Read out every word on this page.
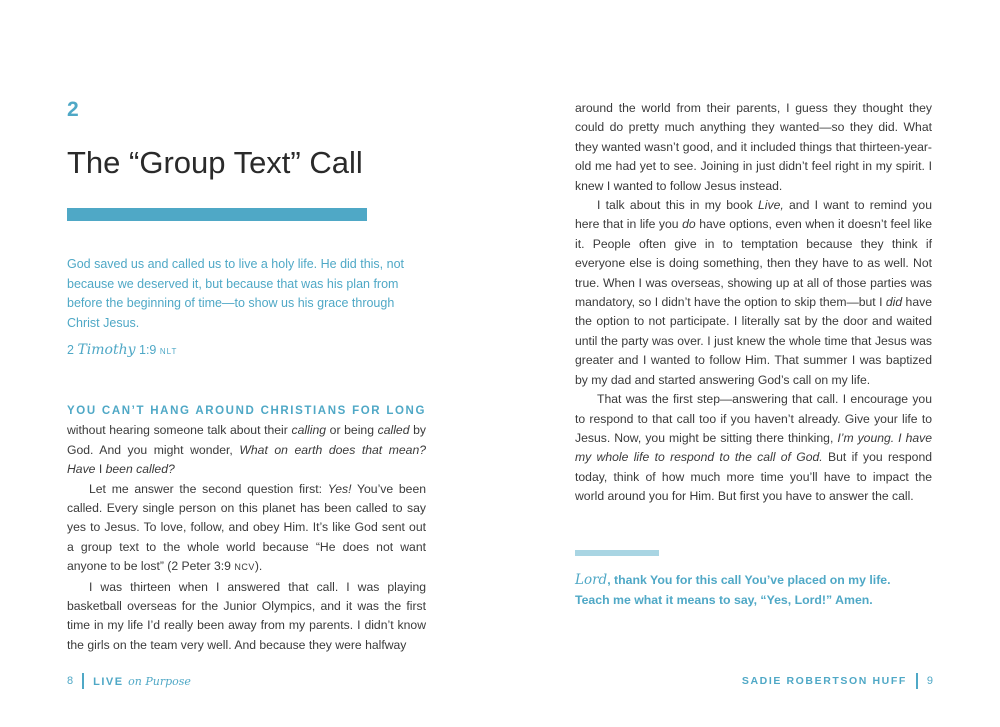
2
The “Group Text” Call
God saved us and called us to live a holy life. He did this, not because we deserved it, but because that was his plan from before the beginning of time—to show us his grace through Christ Jesus.
2 Timothy 1:9 NLT

YOU CAN’T HANG AROUND CHRISTIANS FOR LONG without hearing someone talk about their calling or being called by God. And you might wonder, What on earth does that mean? Have I been called?

Let me answer the second question first: Yes! You’ve been called. Every single person on this planet has been called to say yes to Jesus. To love, follow, and obey Him. It’s like God sent out a group text to the whole world because “He does not want anyone to be lost” (2 Peter 3:9 NCV).

I was thirteen when I answered that call. I was playing basketball overseas for the Junior Olympics, and it was the first time in my life I’d really been away from my parents. I didn’t know the girls on the team very well. And because they were halfway

8 LIVE on Purpose

around the world from their parents, I guess they thought they could do pretty much anything they wanted—so they did. What they wanted wasn’t good, and it included things that thirteen-year-old me had yet to see. Joining in just didn’t feel right in my spirit. I knew I wanted to follow Jesus instead.

I talk about this in my book Live, and I want to remind you here that in life you do have options, even when it doesn’t feel like it. People often give in to temptation because they think if everyone else is doing something, then they have to as well. Not true. When I was overseas, showing up at all of those parties was mandatory, so I didn’t have the option to skip them—but I did have the option to not participate. I literally sat by the door and waited until the party was over. I just knew the whole time that Jesus was greater and I wanted to follow Him. That summer I was baptized by my dad and started answering God’s call on my life.

That was the first step—answering that call. I encourage you to respond to that call too if you haven’t already. Give your life to Jesus. Now, you might be sitting there thinking, I’m young. I have my whole life to respond to the call of God. But if you respond today, think of how much more time you’ll have to impact the world around you for Him. But first you have to answer the call.

Lord, thank You for this call You’ve placed on my life.
Teach me what it means to say, “Yes, Lord!” Amen.
SADIE ROBERTSON HUFF 9
